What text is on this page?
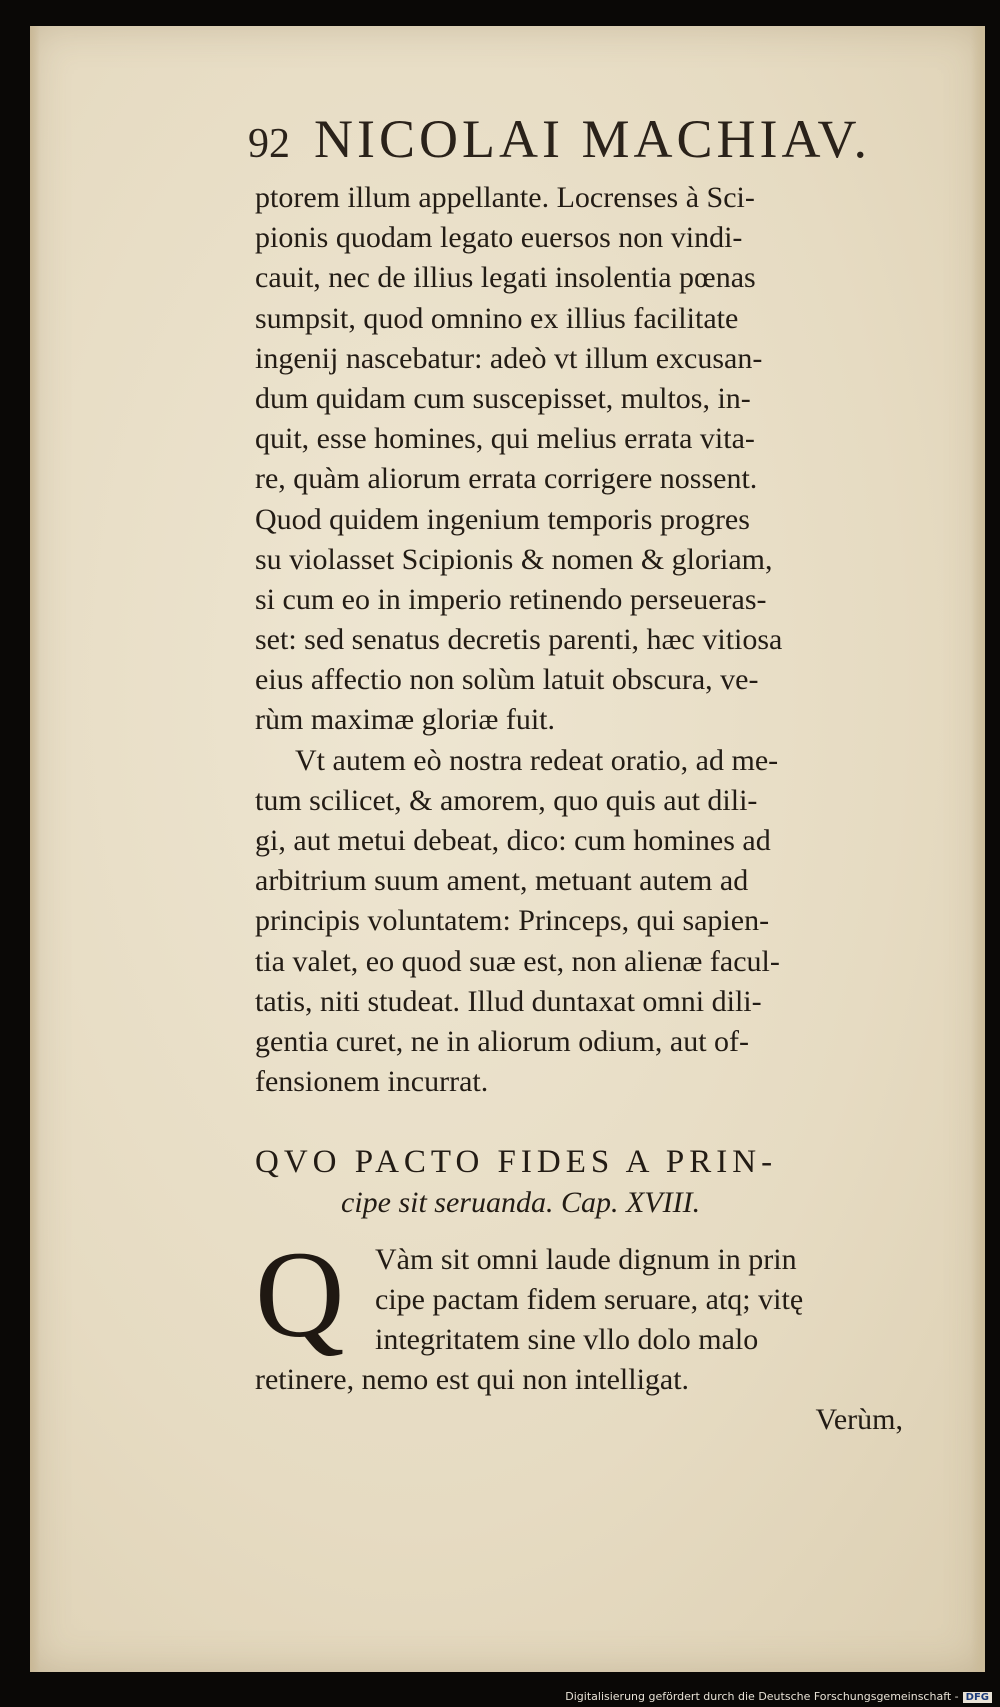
92 NICOLAI MACHIAV.
ptorem illum appellante. Locrenses à Sci-
pionis quodam legato euersos non vindi-
cauit, nec de illius legati insolentia pœnas
sumpsit, quod omnino ex illius facilitate
ingenij nascebatur: adeò vt illum excusan-
dum quidam cum suscepisset, multos, in-
quit, esse homines, qui melius errata vita-
re, quàm aliorum errata corrigere nossent.
Quod quidem ingenium temporis progres
su violasset Scipionis & nomen & gloriam,
si cum eo in imperio retinendo perseueras-
set: sed senatus decretis parenti, hæc vitiosa
eius affectio non solùm latuit obscura, ve-
rùm maximæ gloriæ fuit.
Vt autem eò nostra redeat oratio, ad me-
tum scilicet, & amorem, quo quis aut dili-
gi, aut metui debeat, dico: cum homines ad
arbitrium suum ament, metuant autem ad
principis voluntatem: Princeps, qui sapien-
tia valet, eo quod suæ est, non alienæ facul-
tatis, niti studeat. Illud duntaxat omni dili-
gentia curet, ne in aliorum odium, aut of-
fensionem incurrat.
QVO PACTO FIDES A PRIN-
cipe sit seruanda. Cap. XVIII.
Q	Vàm sit omni laude dignum in prin
cipe pactam fidem seruare, atq; vitę
integritatem sine vllo dolo malo
retinere, nemo est qui non intelligat.
Verùm,
Digitalisierung gefördert durch die Deutsche Forschungsgemeinschaft - DFG
